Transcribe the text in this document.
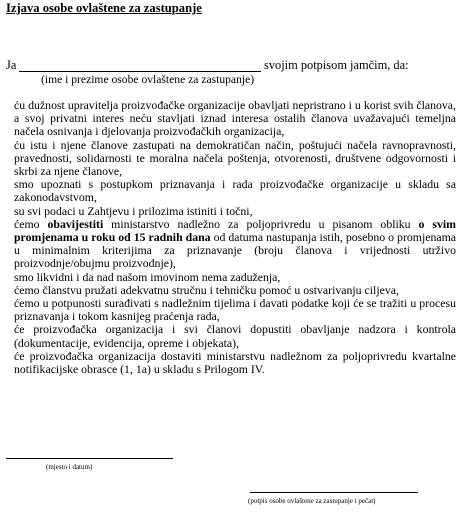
Izjava osobe ovlaštene za zastupanje
Ja	svojim potpisom jamčim, da:
(ime i prezime osobe ovlaštene za zastupanje)
ću dužnost upravitelja proizvođačke organizacije obavljati nepristrano i u korist svih članova, a svoj privatni interes neću stavljati iznad interesa ostalih članova uvažavajući temeljna načela osnivanja i djelovanja proizvođačkih organizacija,
ću istu i njene članove zastupati na demokratičan način, poštujući načela ravnopravnosti, pravednosti, solidarnosti te moralna načela poštenja, otvorenosti, društvene odgovornosti i skrbi za njene članove,
smo upoznati s postupkom priznavanja i rada proizvođačke organizacije u skladu sa zakonodavstvom,
su svi podaci u Zahtjevu i prilozima istiniti i točni,
ćemo obavijestiti ministarstvo nadležno za poljoprivredu u pisanom obliku o svim promjenama u roku od 15 radnih dana od datuma nastupanja istih, posebno o promjenama u minimalnim kriterijima za priznavanje (broju članova i vrijednosti utrživo proizvodnje/obujmu proizvodnje),
smo likvidni i da nad našom imovinom nema zaduženja,
ćemo članstvu pružati adekvatnu stručnu i tehničku pomoć u ostvarivanju ciljeva,
ćemo u potpunosti surađivati s nadležnim tijelima i davati podatke koji će se tražiti u procesu priznavanja i tokom kasnijeg praćenja rada,
će proizvođačka organizacija i svi članovi dopustiti obavljanje nadzora i kontrola (dokumentacije, evidencija, opreme i objekata),
će proizvođačka organizacija dostaviti ministarstvu nadležnom za poljoprivredu kvartalne notifikacijske obrasce (1, 1a) u skladu s Prilogom IV.
(mjesto i datum)
(potpis osobe ovlaštene za zastupanje i pečat)
